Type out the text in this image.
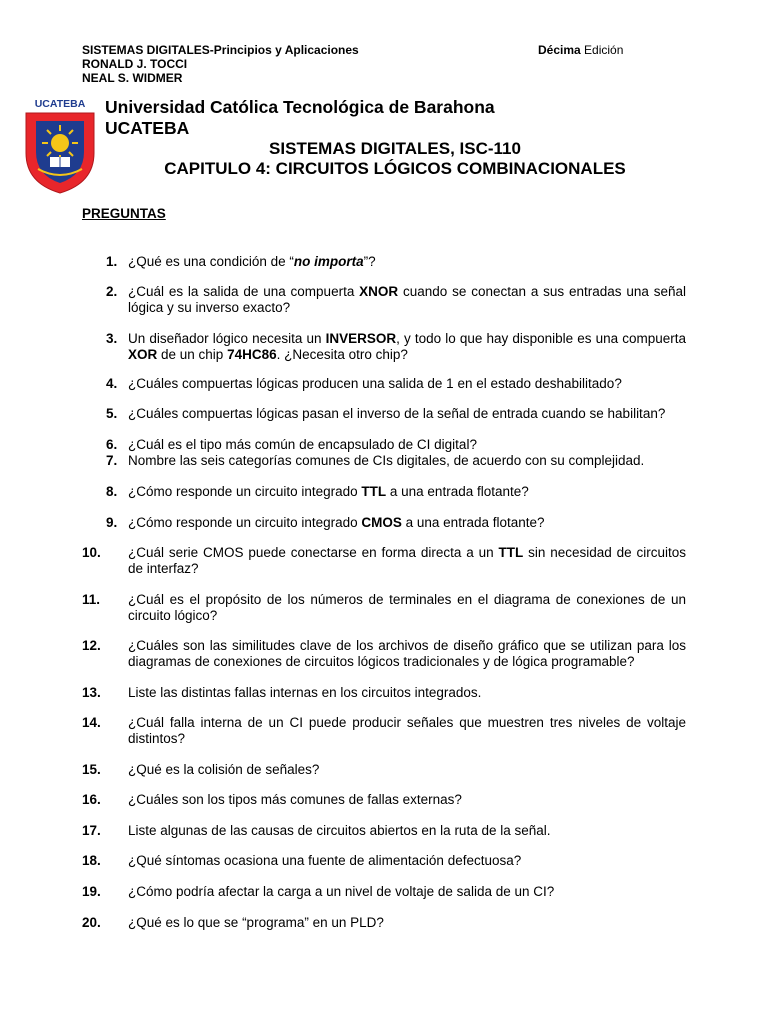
SISTEMAS DIGITALES-Principios y Aplicaciones
RONALD J. TOCCI
NEAL S. WIDMER
Décima Edición
UCATEBA Universidad Católica Tecnológica de Barahona
UCATEBA
SISTEMAS DIGITALES, ISC-110
CAPITULO 4: CIRCUITOS LÓGICOS COMBINACIONALES
PREGUNTAS
1. ¿Qué es una condición de “no importa”?
2. ¿Cuál es la salida de una compuerta XNOR cuando se conectan a sus entradas una señal lógica y su inverso exacto?
3. Un diseñador lógico necesita un INVERSOR, y todo lo que hay disponible es una compuerta XOR de un chip 74HC86. ¿Necesita otro chip?
4. ¿Cuáles compuertas lógicas producen una salida de 1 en el estado deshabilitado?
5. ¿Cuáles compuertas lógicas pasan el inverso de la señal de entrada cuando se habilitan?
6. ¿Cuál es el tipo más común de encapsulado de CI digital?
7. Nombre las seis categorías comunes de CIs digitales, de acuerdo con su complejidad.
8. ¿Cómo responde un circuito integrado TTL a una entrada flotante?
9. ¿Cómo responde un circuito integrado CMOS a una entrada flotante?
10. ¿Cuál serie CMOS puede conectarse en forma directa a un TTL sin necesidad de circuitos de interfaz?
11. ¿Cuál es el propósito de los números de terminales en el diagrama de conexiones de un circuito lógico?
12. ¿Cuáles son las similitudes clave de los archivos de diseño gráfico que se utilizan para los diagramas de conexiones de circuitos lógicos tradicionales y de lógica programable?
13. Liste las distintas fallas internas en los circuitos integrados.
14. ¿Cuál falla interna de un CI puede producir señales que muestren tres niveles de voltaje distintos?
15. ¿Qué es la colisión de señales?
16. ¿Cuáles son los tipos más comunes de fallas externas?
17. Liste algunas de las causas de circuitos abiertos en la ruta de la señal.
18. ¿Qué síntomas ocasiona una fuente de alimentación defectuosa?
19. ¿Cómo podría afectar la carga a un nivel de voltaje de salida de un CI?
20. ¿Qué es lo que se “programa” en un PLD?
